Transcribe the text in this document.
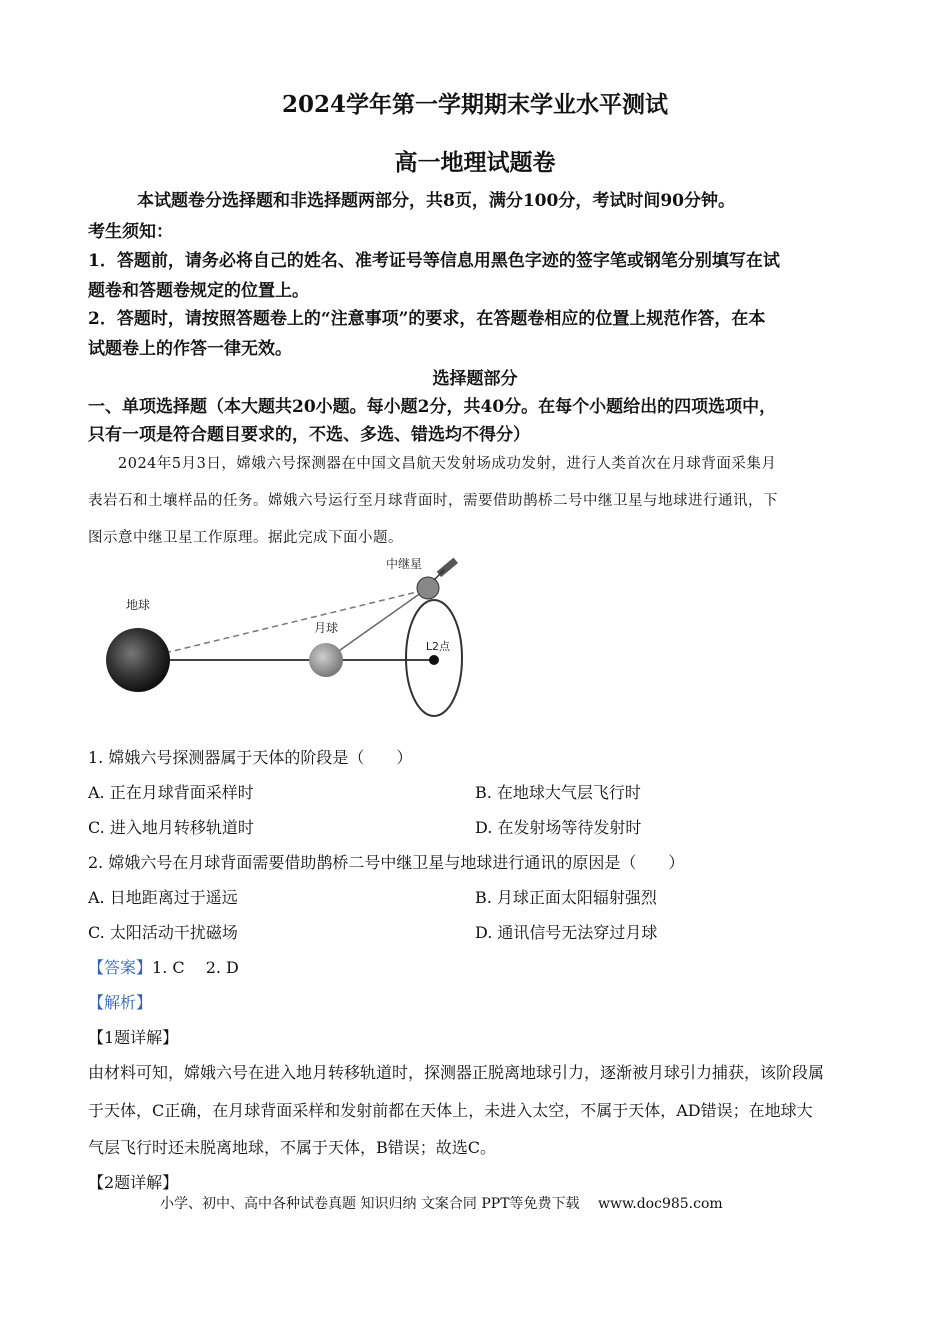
2024学年第一学期期末学业水平测试
高一地理试题卷
本试题卷分选择题和非选择题两部分，共8页，满分100分，考试时间90分钟。
考生须知：
1．答题前，请务必将自己的姓名、准考证号等信息用黑色字迹的签字笔或钢笔分别填写在试
题卷和答题卷规定的位置上。
2．答题时，请按照答题卷上的“注意事项”的要求，在答题卷相应的位置上规范作答，在本
试题卷上的作答一律无效。
选择题部分
一、单项选择题（本大题共20小题。每小题2分，共40分。在每个小题给出的四项选项中，
只有一项是符合题目要求的，不选、多选、错选均不得分）
　　2024年5月3日，嫦娥六号探测器在中国文昌航天发射场成功发射，进行人类首次在月球背面采集月
表岩石和土壤样品的任务。嫦娥六号运行至月球背面时，需要借助鹊桥二号中继卫星与地球进行通讯，下
图示意中继卫星工作原理。据此完成下面小题。
地球
月球
中继星
L2点
1. 嫦娥六号探测器属于天体的阶段是（　　）
A. 正在月球背面采样时	B. 在地球大气层飞行时
C. 进入地月转移轨道时	D. 在发射场等待发射时
2. 嫦娥六号在月球背面需要借助鹊桥二号中继卫星与地球进行通讯的原因是（　　）
A. 日地距离过于遥远	B. 月球正面太阳辐射强烈
C. 太阳活动干扰磁场	D. 通讯信号无法穿过月球
【答案】1. C　 2. D
【解析】
【1题详解】
由材料可知，嫦娥六号在进入地月转移轨道时，探测器正脱离地球引力，逐渐被月球引力捕获，该阶段属
于天体，C正确，在月球背面采样和发射前都在天体上，未进入太空，不属于天体，AD错误；在地球大
气层飞行时还未脱离地球，不属于天体，B错误；故选C。
【2题详解】
小学、初中、高中各种试卷真题 知识归纳 文案合同 PPT等免费下载　 www.doc985.com
